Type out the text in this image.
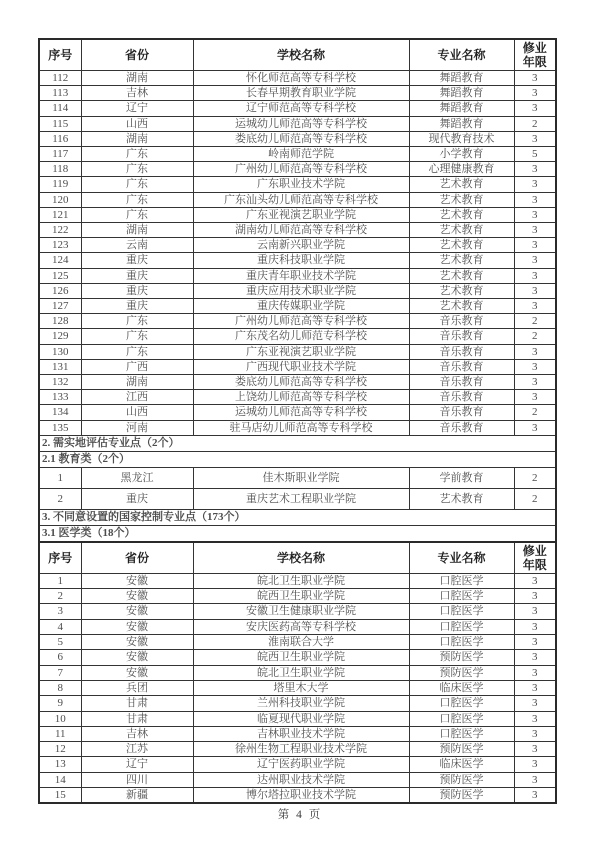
序号	省份	学校名称	专业名称	修业年限
112	湖南	怀化师范高等专科学校	舞蹈教育	3
113	吉林	长春早期教育职业学院	舞蹈教育	3
114	辽宁	辽宁师范高等专科学校	舞蹈教育	3
115	山西	运城幼儿师范高等专科学校	舞蹈教育	2
116	湖南	娄底幼儿师范高等专科学校	现代教育技术	3
117	广东	岭南师范学院	小学教育	5
118	广东	广州幼儿师范高等专科学校	心理健康教育	3
119	广东	广东职业技术学院	艺术教育	3
120	广东	广东汕头幼儿师范高等专科学校	艺术教育	3
121	广东	广东亚视演艺职业学院	艺术教育	3
122	湖南	湖南幼儿师范高等专科学校	艺术教育	3
123	云南	云南新兴职业学院	艺术教育	3
124	重庆	重庆科技职业学院	艺术教育	3
125	重庆	重庆青年职业技术学院	艺术教育	3
126	重庆	重庆应用技术职业学院	艺术教育	3
127	重庆	重庆传媒职业学院	艺术教育	3
128	广东	广州幼儿师范高等专科学校	音乐教育	2
129	广东	广东茂名幼儿师范专科学校	音乐教育	2
130	广东	广东亚视演艺职业学院	音乐教育	3
131	广西	广西现代职业技术学院	音乐教育	3
132	湖南	娄底幼儿师范高等专科学校	音乐教育	3
133	江西	上饶幼儿师范高等专科学校	音乐教育	3
134	山西	运城幼儿师范高等专科学校	音乐教育	2
135	河南	驻马店幼儿师范高等专科学校	音乐教育	3
2. 需实地评估专业点（2个）				
2.1 教育类（2个）				
1	黑龙江	佳木斯职业学院	学前教育	2
2	重庆	重庆艺术工程职业学院	艺术教育	2
3. 不同意设置的国家控制专业点（173个）				
3.1 医学类（18个）				
序号	省份	学校名称	专业名称	修业年限
1	安徽	皖北卫生职业学院	口腔医学	3
2	安徽	皖西卫生职业学院	口腔医学	3
3	安徽	安徽卫生健康职业学院	口腔医学	3
4	安徽	安庆医药高等专科学校	口腔医学	3
5	安徽	淮南联合大学	口腔医学	3
6	安徽	皖西卫生职业学院	预防医学	3
7	安徽	皖北卫生职业学院	预防医学	3
8	兵团	塔里木大学	临床医学	3
9	甘肃	兰州科技职业学院	口腔医学	3
10	甘肃	临夏现代职业学院	口腔医学	3
11	吉林	吉林职业技术学院	口腔医学	3
12	江苏	徐州生物工程职业技术学院	预防医学	3
13	辽宁	辽宁医药职业学院	临床医学	3
14	四川	达州职业技术学院	预防医学	3
15	新疆	博尔塔拉职业技术学院	预防医学	3
第 4 页
